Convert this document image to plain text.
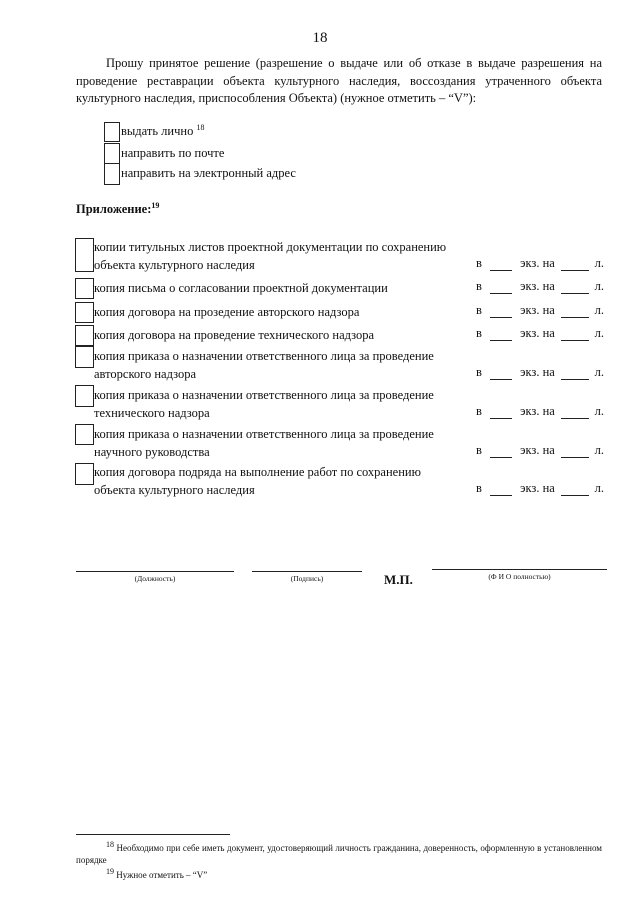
18
Прошу принятое решение (разрешение о выдаче или об отказе в выдаче разрешения на проведение реставрации объекта культурного наследия, воссоздания утраченного объекта культурного наследия, приспособления Объекта) (нужное отметить – “V”):
выдать лично $^{18}$
направить по почте
направить на электронный адрес
Приложение:$^{19}$
копии титульных листов проектной документации по сохранению
объекта культурного наследия	в	экз. на	л.
копия письма о согласовании проектной документации	в	экз. на	л.
копия договора на прозедение авторского надзора	в	экз. на	л.
копия договора на проведение технического надзора	в	экз. на	л.
копия приказа о назначении ответственного лица за проведение
авторского надзора	в	экз. на	л.
копия приказа о назначении ответственного лица за проведение
технического надзора	в	экз. на	л.
копия приказа о назначении ответственного лица за проведение
научного руководства	в	экз. на	л.
копия договора подряда на выполнение работ по сохранению
объекта культурного наследия	в	экз. на	л.
(Должность)	(Подпись)	М.П.	(Ф И О полностью)
18 Необходимо при себе иметь документ, удостоверяющий личность гражданина, доверенность, оформленную в установленном порядке
19 Нужное отметить – “V”
